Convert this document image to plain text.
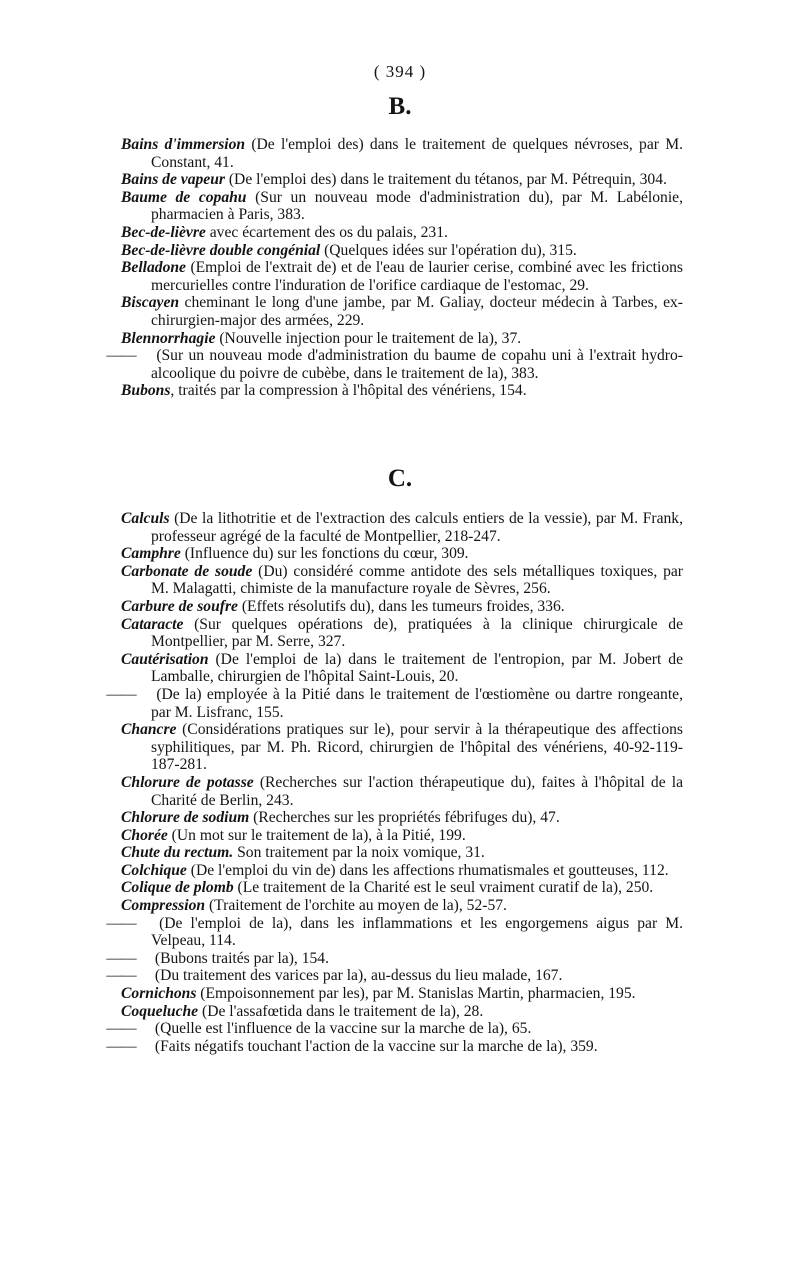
( 394 )
B.

Bains d'immersion (De l'emploi des) dans le traitement de quelques névroses, par M. Constant, 41.

Bains de vapeur (De l'emploi des) dans le traitement du tétanos, par M. Pétrequin, 304.

Baume de copahu (Sur un nouveau mode d'administration du), par M. Labélonie, pharmacien à Paris, 383.

Bec-de-lièvre avec écartement des os du palais, 231.

Bec-de-lièvre double congénial (Quelques idées sur l'opération du), 315.

Belladone (Emploi de l'extrait de) et de l'eau de laurier cerise, combiné avec les frictions mercurielles contre l'induration de l'orifice cardiaque de l'estomac, 29.

Biscayen cheminant le long d'une jambe, par M. Galiay, docteur médecin à Tarbes, ex-chirurgien-major des armées, 229.

Blennorrhagie (Nouvelle injection pour le traitement de la), 37.

—— (Sur un nouveau mode d'administration du baume de copahu uni à l'extrait hydro-alcoolique du poivre de cubèbe, dans le traitement de la), 383.

Bubons, traités par la compression à l'hôpital des vénériens, 154.

C.

Calculs (De la lithotritie et de l'extraction des calculs entiers de la vessie), par M. Frank, professeur agrégé de la faculté de Montpellier, 218-247.

Camphre (Influence du) sur les fonctions du cœur, 309.

Carbonate de soude (Du) considéré comme antidote des sels métalliques toxiques, par M. Malagatti, chimiste de la manufacture royale de Sèvres, 256.

Carbure de soufre (Effets résolutifs du), dans les tumeurs froides, 336.

Cataracte (Sur quelques opérations de), pratiquées à la clinique chirurgicale de Montpellier, par M. Serre, 327.

Cautérisation (De l'emploi de la) dans le traitement de l'entropion, par M. Jobert de Lamballe, chirurgien de l'hôpital Saint-Louis, 20.

—— (De la) employée à la Pitié dans le traitement de l'œstiomène ou dartre rongeante, par M. Lisfranc, 155.

Chancre (Considérations pratiques sur le), pour servir à la thérapeutique des affections syphilitiques, par M. Ph. Ricord, chirurgien de l'hôpital des vénériens, 40-92-119-187-281.

Chlorure de potasse (Recherches sur l'action thérapeutique du), faites à l'hôpital de la Charité de Berlin, 243.

Chlorure de sodium (Recherches sur les propriétés fébrifuges du), 47.

Chorée (Un mot sur le traitement de la), à la Pitié, 199.

Chute du rectum. Son traitement par la noix vomique, 31.

Colchique (De l'emploi du vin de) dans les affections rhumatismales et goutteuses, 112.

Colique de plomb (Le traitement de la Charité est le seul vraiment curatif de la), 250.

Compression (Traitement de l'orchite au moyen de la), 52-57.

—— (De l'emploi de la), dans les inflammations et les engorgemens aigus par M. Velpeau, 114.

—— (Bubons traités par la), 154.

—— (Du traitement des varices par la), au-dessus du lieu malade, 167.

Cornichons (Empoisonnement par les), par M. Stanislas Martin, pharmacien, 195.

Coqueluche (De l'assafœtida dans le traitement de la), 28.

—— (Quelle est l'influence de la vaccine sur la marche de la), 65.

—— (Faits négatifs touchant l'action de la vaccine sur la marche de la), 359.
